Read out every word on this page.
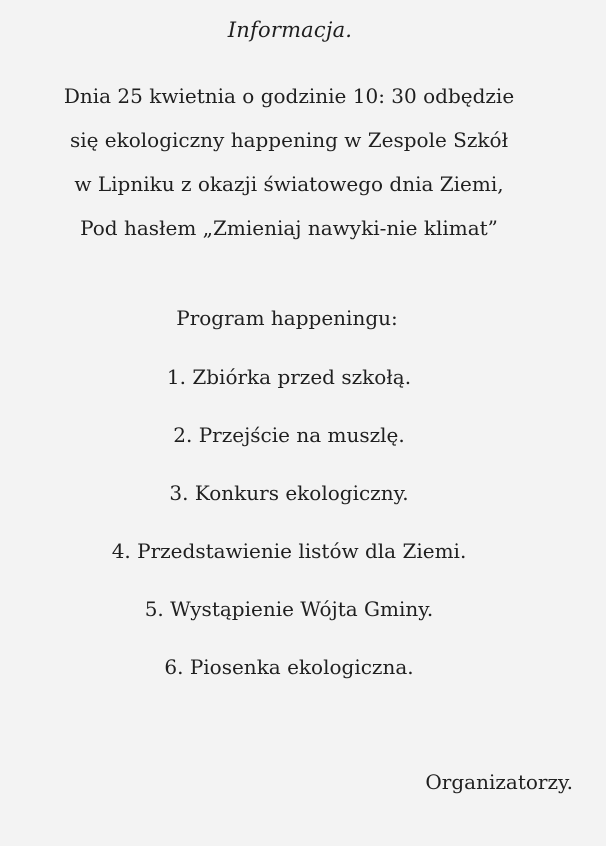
Informacja.
Dnia 25 kwietnia o godzinie 10: 30 odbędzie
się ekologiczny happening w Zespole Szkół
w Lipniku z okazji światowego dnia Ziemi,
Pod hasłem „Zmieniaj nawyki-nie klimat”
Program happeningu:
1. Zbiórka przed szkołą.
2. Przejście na muszlę.
3. Konkurs ekologiczny.
4. Przedstawienie listów dla Ziemi.
5. Wystąpienie Wójta Gminy.
6. Piosenka ekologiczna.
Organizatorzy.
